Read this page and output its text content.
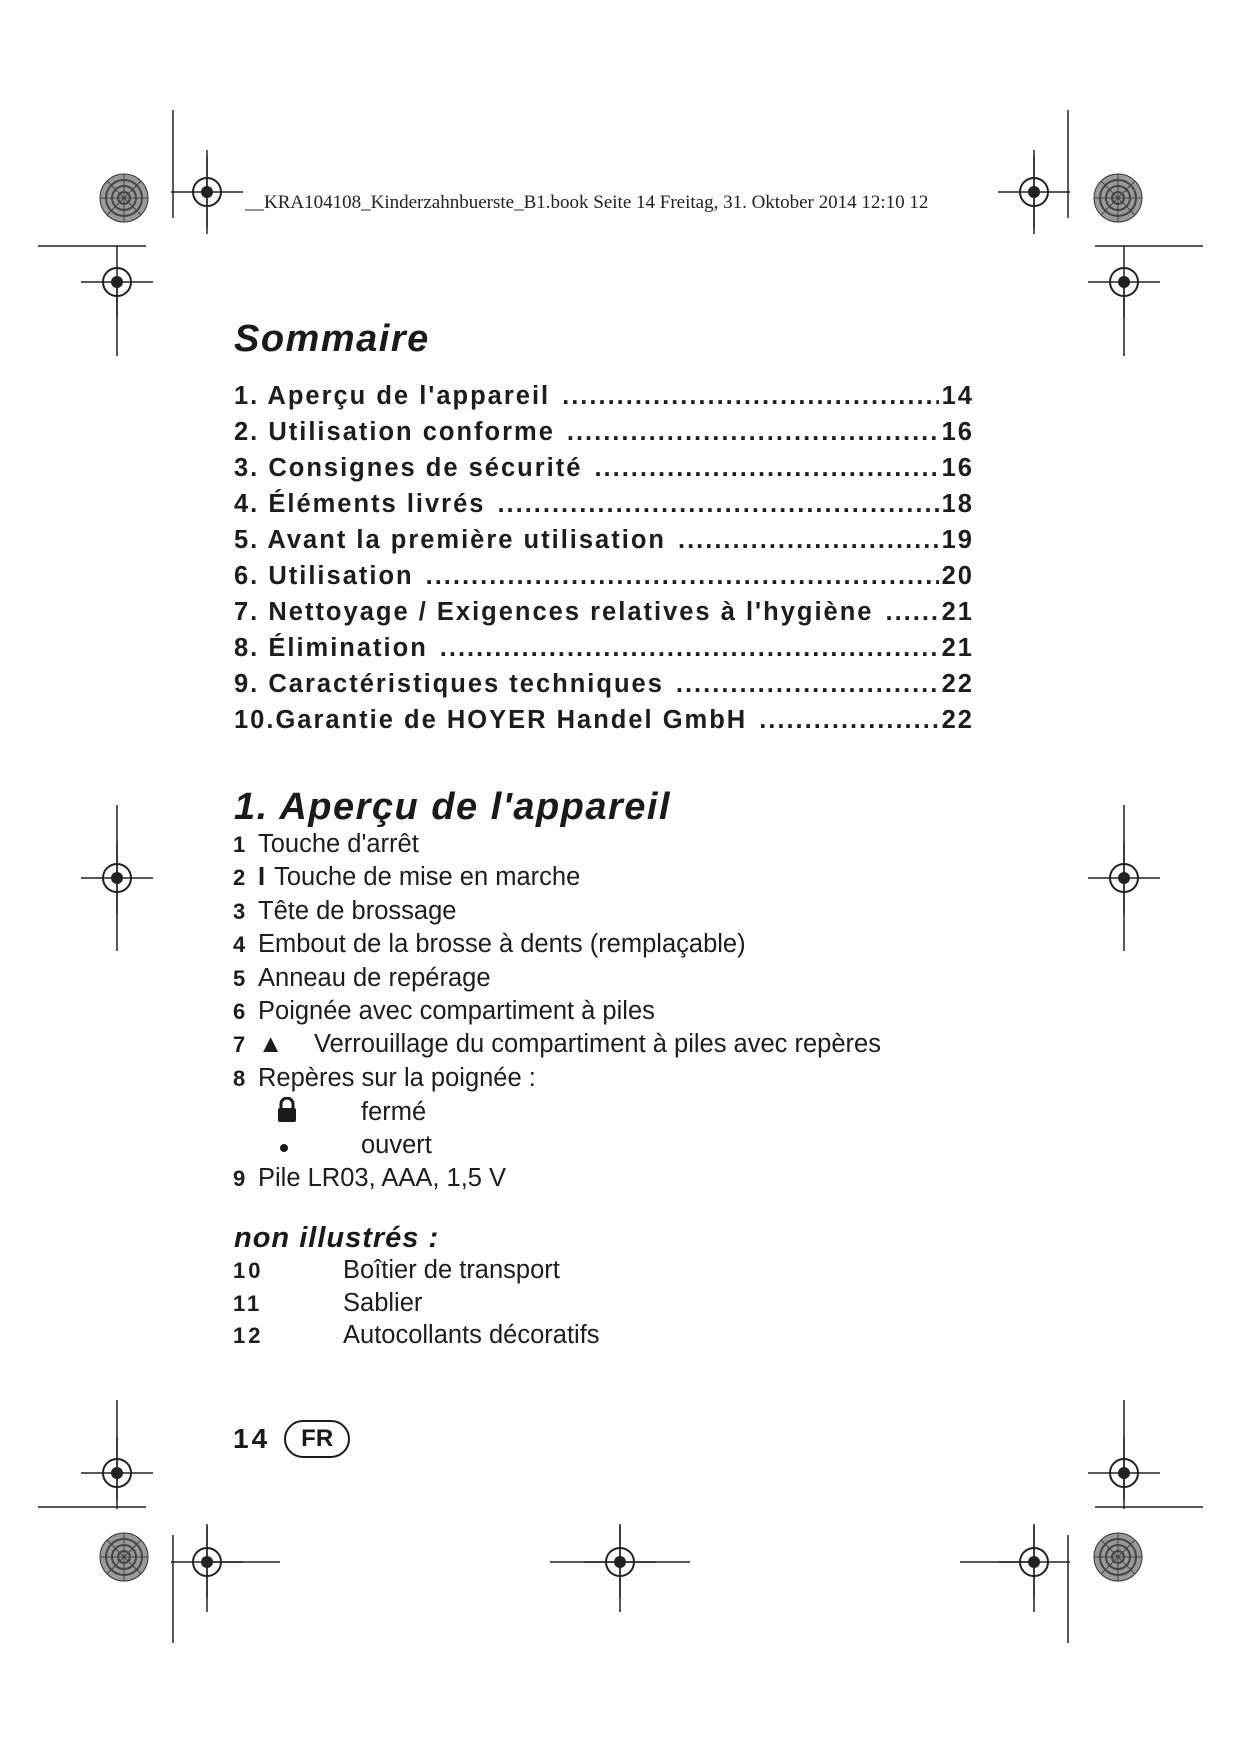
__KRA104108_Kinderzahnbuerste_B1.book Seite 14 Freitag, 31. Oktober 2014 12:10 12

Sommaire
1. Aperçu de l'appareil .....	14
2. Utilisation conforme .....	16
3. Consignes de sécurité .....	16
4. Éléments livrés .....	18
5. Avant la première utilisation .....	19
6. Utilisation .....	20
7. Nettoyage / Exigences relatives à l'hygiène .....	21
8. Élimination .....	21
9. Caractéristiques techniques .....	22
10.Garantie de HOYER Handel GmbH .....	22
1. Aperçu de l'appareil
1 Touche d'arrêt
2 I Touche de mise en marche
3 Tête de brossage
4 Embout de la brosse à dents (remplaçable)
5 Anneau de repérage
6 Poignée avec compartiment à piles
7 ▲	Verrouillage du compartiment à piles avec repères
8 Repères sur la poignée :
fermé
ouvert
9 Pile LR03, AAA, 1,5 V
non illustrés :
10	Boîtier de transport
11	Sablier
12	Autocollants décoratifs
14	FR
